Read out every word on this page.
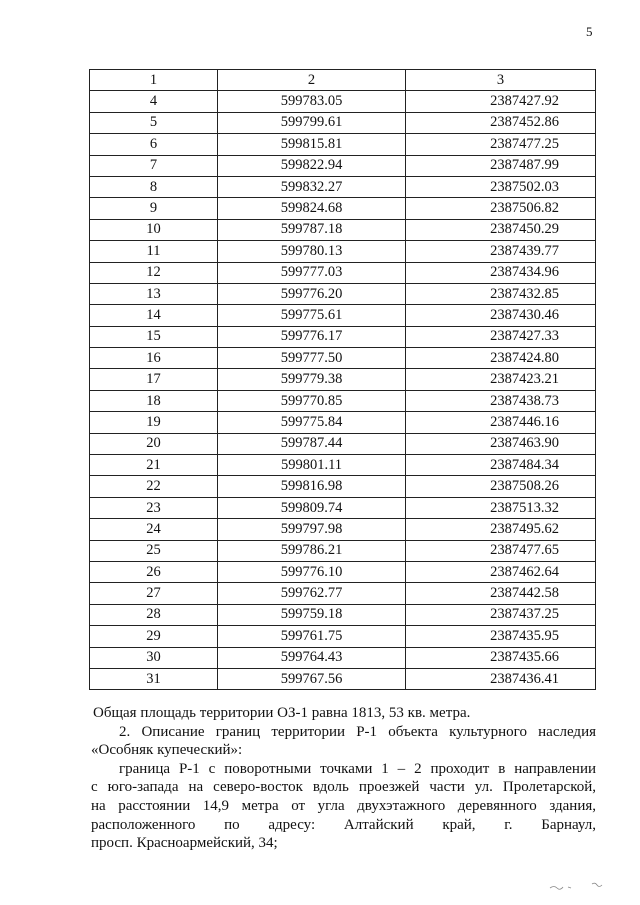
5
1	2	3
4	599783.05	2387427.92
5	599799.61	2387452.86
6	599815.81	2387477.25
7	599822.94	2387487.99
8	599832.27	2387502.03
9	599824.68	2387506.82
10	599787.18	2387450.29
11	599780.13	2387439.77
12	599777.03	2387434.96
13	599776.20	2387432.85
14	599775.61	2387430.46
15	599776.17	2387427.33
16	599777.50	2387424.80
17	599779.38	2387423.21
18	599770.85	2387438.73
19	599775.84	2387446.16
20	599787.44	2387463.90
21	599801.11	2387484.34
22	599816.98	2387508.26
23	599809.74	2387513.32
24	599797.98	2387495.62
25	599786.21	2387477.65
26	599776.10	2387462.64
27	599762.77	2387442.58
28	599759.18	2387437.25
29	599761.75	2387435.95
30	599764.43	2387435.66
31	599767.56	2387436.41

Общая площадь территории ОЗ-1 равна 1813, 53 кв. метра.

2. Описание границ территории Р-1 объекта культурного наследия

«Особняк купеческий»:

граница Р-1 с поворотными точками 1 – 2 проходит в направлении

с юго-запада на северо-восток вдоль проезжей части ул. Пролетарской,

на расстоянии 14,9 метра от угла двухэтажного деревянного здания,

расположенного по адресу: Алтайский край, г. Барнаул,

просп. Красноармейский, 34;
